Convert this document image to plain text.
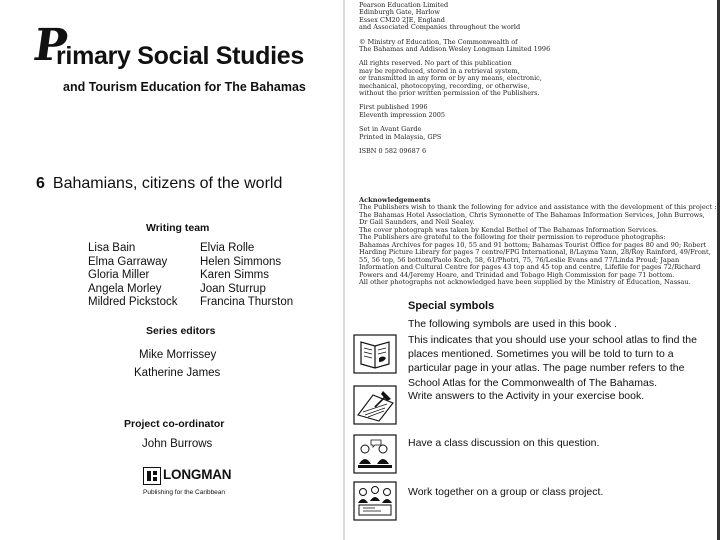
P
rimary Social Studies
and Tourism Education for The Bahamas
6 Bahamians, citizens of the world
Writing team
Lisa Bain
Elma Garraway
Gloria Miller
Angela Morley
Mildred Pickstock
Elvia Rolle
Helen Simmons
Karen Simms
Joan Sturrup
Francina Thurston
Series editors
Mike Morrissey
Katherine James
Project co-ordinator
John Burrows
LONGMAN
Publishing for the Caribbean
Pearson Education Limited
Edinburgh Gate, Harlow
Essex CM20 2JE, England
and Associated Companies throughout the world
© Ministry of Education, The Commonwealth of
The Bahamas and Addison Wesley Longman Limited 1996
All rights reserved. No part of this publication
may be reproduced, stored in a retrieval system,
or transmitted in any form or by any means, electronic,
mechanical, photocopying, recording, or otherwise,
without the prior written permission of the Publishers.
First published 1996
Eleventh impression 2005
Set in Avant Garde
Printed in Malaysia, GPS
ISBN 0 582 09687 6
Acknowledgements
The Publishers wish to thank the following for advice and assistance with the development of this project :
The Bahamas Hotel Association, Chris Symonette of The Bahamas Information Services, John Burrows,
Dr Gail Saunders, and Neil Sealey.
The cover photograph was taken by Kendal Bethel of The Bahamas Information Services.
The Publishers are grateful to the following for their permission to reproduce photographs:
Bahamas Archives for pages 10, 55 and 91 bottom; Bahamas Tourist Office for pages 80 and 90; Robert
Harding Picture Library for pages 7 centre/FPG International, 8/Layma Yann, 28/Roy Rainford, 49/Front,
55, 56 top, 56 bottom/Paolo Koch, 58, 61/Photri, 75, 76/Leslie Evans and 77/Linda Proud; Japan
Information and Cultural Centre for pages 43 top and 45 top and centre, Lifefile for pages 72/Richard
Powers and 44/Jeremy Hoare, and Trinidad and Tobago High Commission for page 71 bottom.
All other photographs not acknowledged have been supplied by the Ministry of Education, Nassau.
Special symbols
The following symbols are used in this book .
This indicates that you should use your school atlas to find the
places mentioned. Sometimes you will be told to turn to a
particular page in your atlas. The page number refers to the
School Atlas for the Commonwealth of The Bahamas.
Write answers to the Activity in your exercise book.
Have a class discussion on this question.
Work together on a group or class project.
